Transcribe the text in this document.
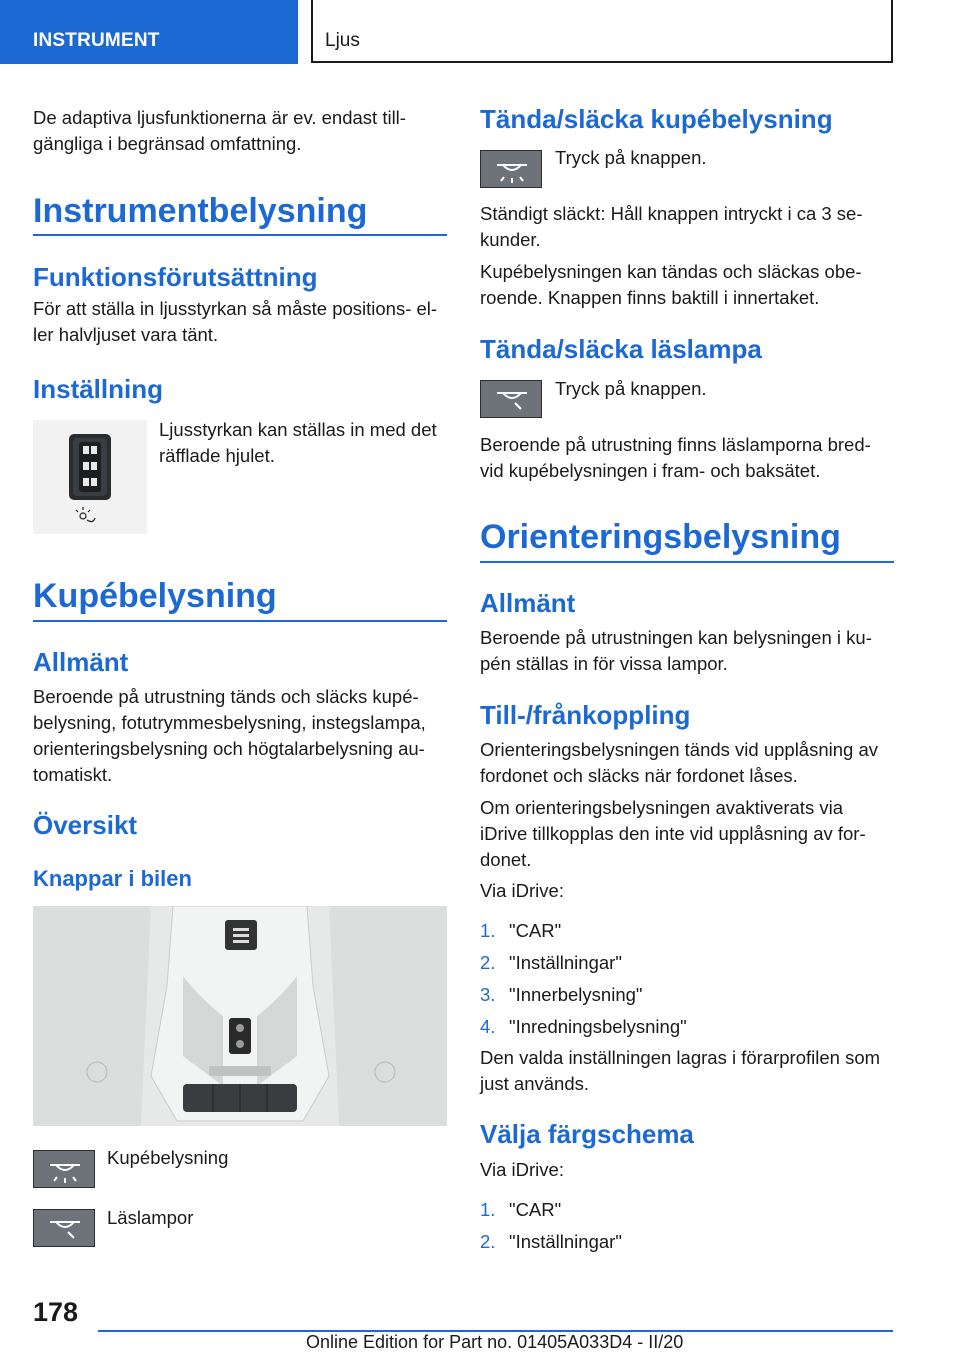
INSTRUMENT	Ljus
De adaptiva ljusfunktionerna är ev. endast till-
gängliga i begränsad omfattning.
Instrumentbelysning
Funktionsförutsättning
För att ställa in ljusstyrkan så måste positions- el-
ler halvljuset vara tänt.
Inställning
Ljusstyrkan kan ställas in med det
räfflade hjulet.
Kupébelysning
Allmänt
Beroende på utrustning tänds och släcks kupé-
belysning, fotutrymmesbelysning, instegslampa,
orienteringsbelysning och högtalarbelysning au-
tomatiskt.
Översikt
Knappar i bilen
Kupébelysning
Läslampor
Tända/släcka kupébelysning
Tryck på knappen.
Ständigt släckt: Håll knappen intryckt i ca 3 se-
kunder.
Kupébelysningen kan tändas och släckas obe-
roende. Knappen finns baktill i innertaket.
Tända/släcka läslampa
Tryck på knappen.
Beroende på utrustning finns läslamporna bred-
vid kupébelysningen i fram- och baksätet.
Orienteringsbelysning
Allmänt
Beroende på utrustningen kan belysningen i ku-
pén ställas in för vissa lampor.
Till-/frånkoppling
Orienteringsbelysningen tänds vid upplåsning av
fordonet och släcks när fordonet låses.
Om orienteringsbelysningen avaktiverats via
iDrive tillkopplas den inte vid upplåsning av for-
donet.
Via iDrive:
1. "CAR"
2. "Inställningar"
3. "Innerbelysning"
4. "Inredningsbelysning"
Den valda inställningen lagras i förarprofilen som
just används.
Välja färgschema
Via iDrive:
1. "CAR"
2. "Inställningar"
178
Online Edition for Part no. 01405A033D4 - II/20
